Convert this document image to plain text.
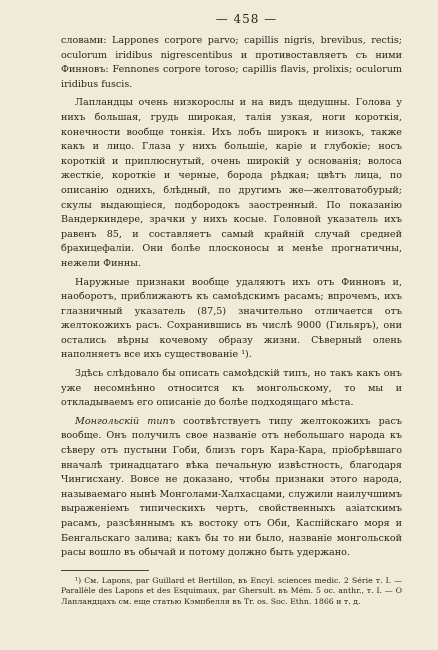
— 458 —

словами: Lappones corpore parvo; capillis nigris, brevibus, rectis; oculorum iridibus nigrescentibus и противоставляетъ съ ними Финновъ: Fennones corpore toroso; capillis flavis, prolixis; oculorum iridibus fuscis.

Лапландцы очень низкорослы и на видъ щедушны. Голова у нихъ большая, грудь широкая, талія узкая, ноги короткія, конечности вообще тонкія. Ихъ лобъ широкъ и низокъ, также какъ и лицо. Глаза у нихъ большіе, каріе и глубокіе; носъ короткій и приплюснутый, очень широкій у основанія; волоса жесткіе, короткіе и черные, борода рѣдкая; цвѣтъ лица, по описанію однихъ, блѣдный, по другимъ же—желтоватобурый; скулы выдающіеся, подбородокъ заостренный. По показанію Вандеркиндере, зрачки у нихъ косые. Головной указатель ихъ равенъ 85, и составляетъ самый крайній случай средней брахицефаліи. Они болѣе плосконосы и менѣе прогнатичны, нежели Финны.

Наружные признаки вообще удаляютъ ихъ отъ Финновъ и, наоборотъ, приближаютъ къ самоѣдскимъ расамъ; впрочемъ, ихъ глазничный указатель (87,5) значительно отличается отъ желтокожихъ расъ. Сохранившись въ числѣ 9000 (Гильяръ), они остались вѣрны кочевому образу жизни. Сѣверный олень наполняетъ все ихъ существованіе ¹).

Здѣсь слѣдовало бы описать самоѣдскій типъ, но такъ какъ онъ уже несомнѣнно относится къ монгольскому, то мы и откладываемъ его описаніе до болѣе подходящаго мѣста.

Монгольскій типъ соотвѣтствуетъ типу желтокожихъ расъ вообще. Онъ получилъ свое названіе отъ небольшаго народа къ сѣверу отъ пустыни Гоби, близъ горъ Кара-Кара, пріобрѣвшаго вначалѣ тринадцатаго вѣка печальную извѣстность, благодаря Чингисхану. Вовсе не доказано, чтобы признаки этого народа, называемаго нынѣ Монголами-Халхасцами, служили наилучшимъ выраженіемъ типическихъ чертъ, свойственныхъ азіатскимъ расамъ, разсѣяннымъ къ востоку отъ Оби, Каспійскаго моря и Бенгальскаго залива; какъ бы то ни было, названіе монгольской расы вошло въ обычай и потому должно быть удержано.

¹) См. Lapons, par Guillard et Bertillon, въ Encyl. sciences medic. 2 Série т. I. — Parallèle des Lapons et des Esquimaux, par Ghersult. въ Mém. 5 oc. anthr., т. I. — О Лапландцахъ см. еще статью Кэмпбелля въ Tr. os. Soc. Ethn. 1866 и т. д.
